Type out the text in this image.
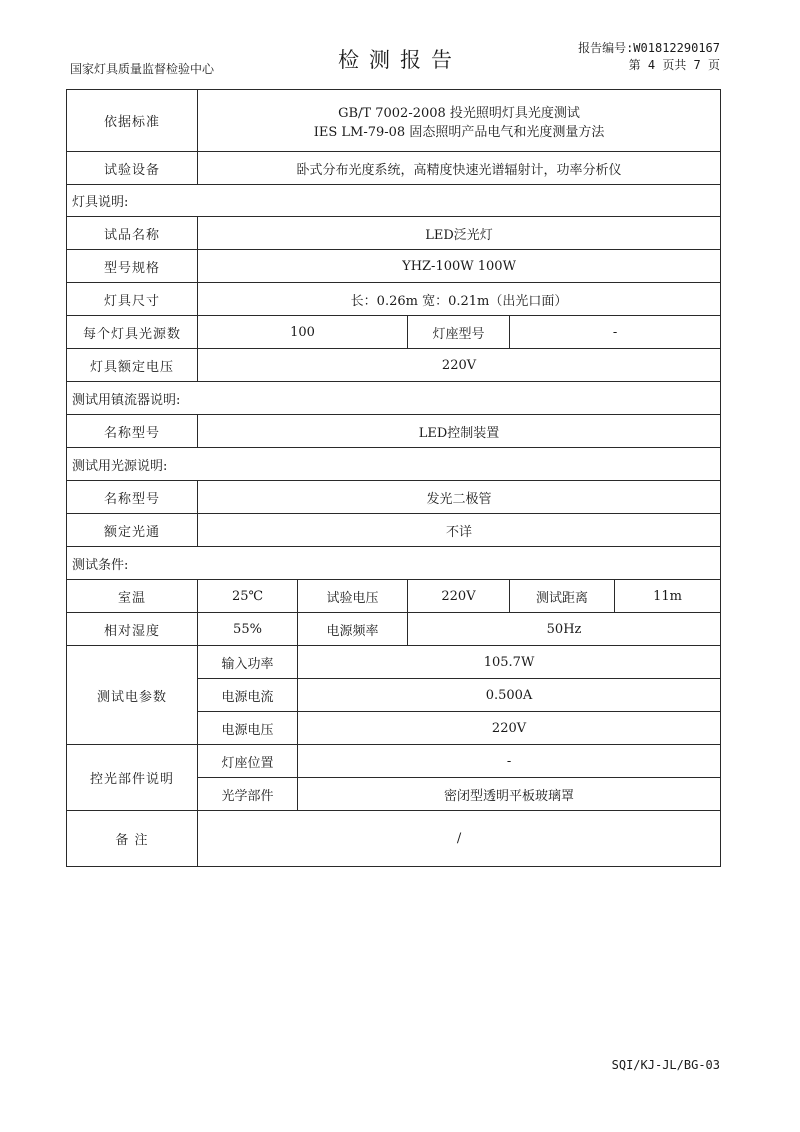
国家灯具质量监督检验中心	检测报告	报告编号:W01812290167
第 4 页共 7 页
依据标准	GB/T 7002-2008 投光照明灯具光度测试
IES LM-79-08 固态照明产品电气和光度测量方法				

试验设备	卧式分布光度系统，高精度快速光谱辐射计，功率分析仪				
灯具说明:					
试品名称	LED泛光灯				
型号规格	YHZ-100W 100W				
灯具尺寸	长：0.26m 宽：0.21m（出光口面）				
每个灯具光源数	100		灯座型号	-	
灯具额定电压	220V				
测试用镇流器说明:					
名称型号	LED控制装置				
测试用光源说明:					
名称型号	发光二极管				
额定光通	不详				
测试条件:					
室温	25℃	试验电压	220V	测试距离	11m
相对湿度	55%	电源频率	50Hz		
测试电参数	输入功率	105.7W			
	电源电流	0.500A			
	电源电压	220V			
控光部件说明	灯座位置	-			
	光学部件	密闭型透明平板玻璃罩			
备 注	/				
SQI/KJ-JL/BG-03
